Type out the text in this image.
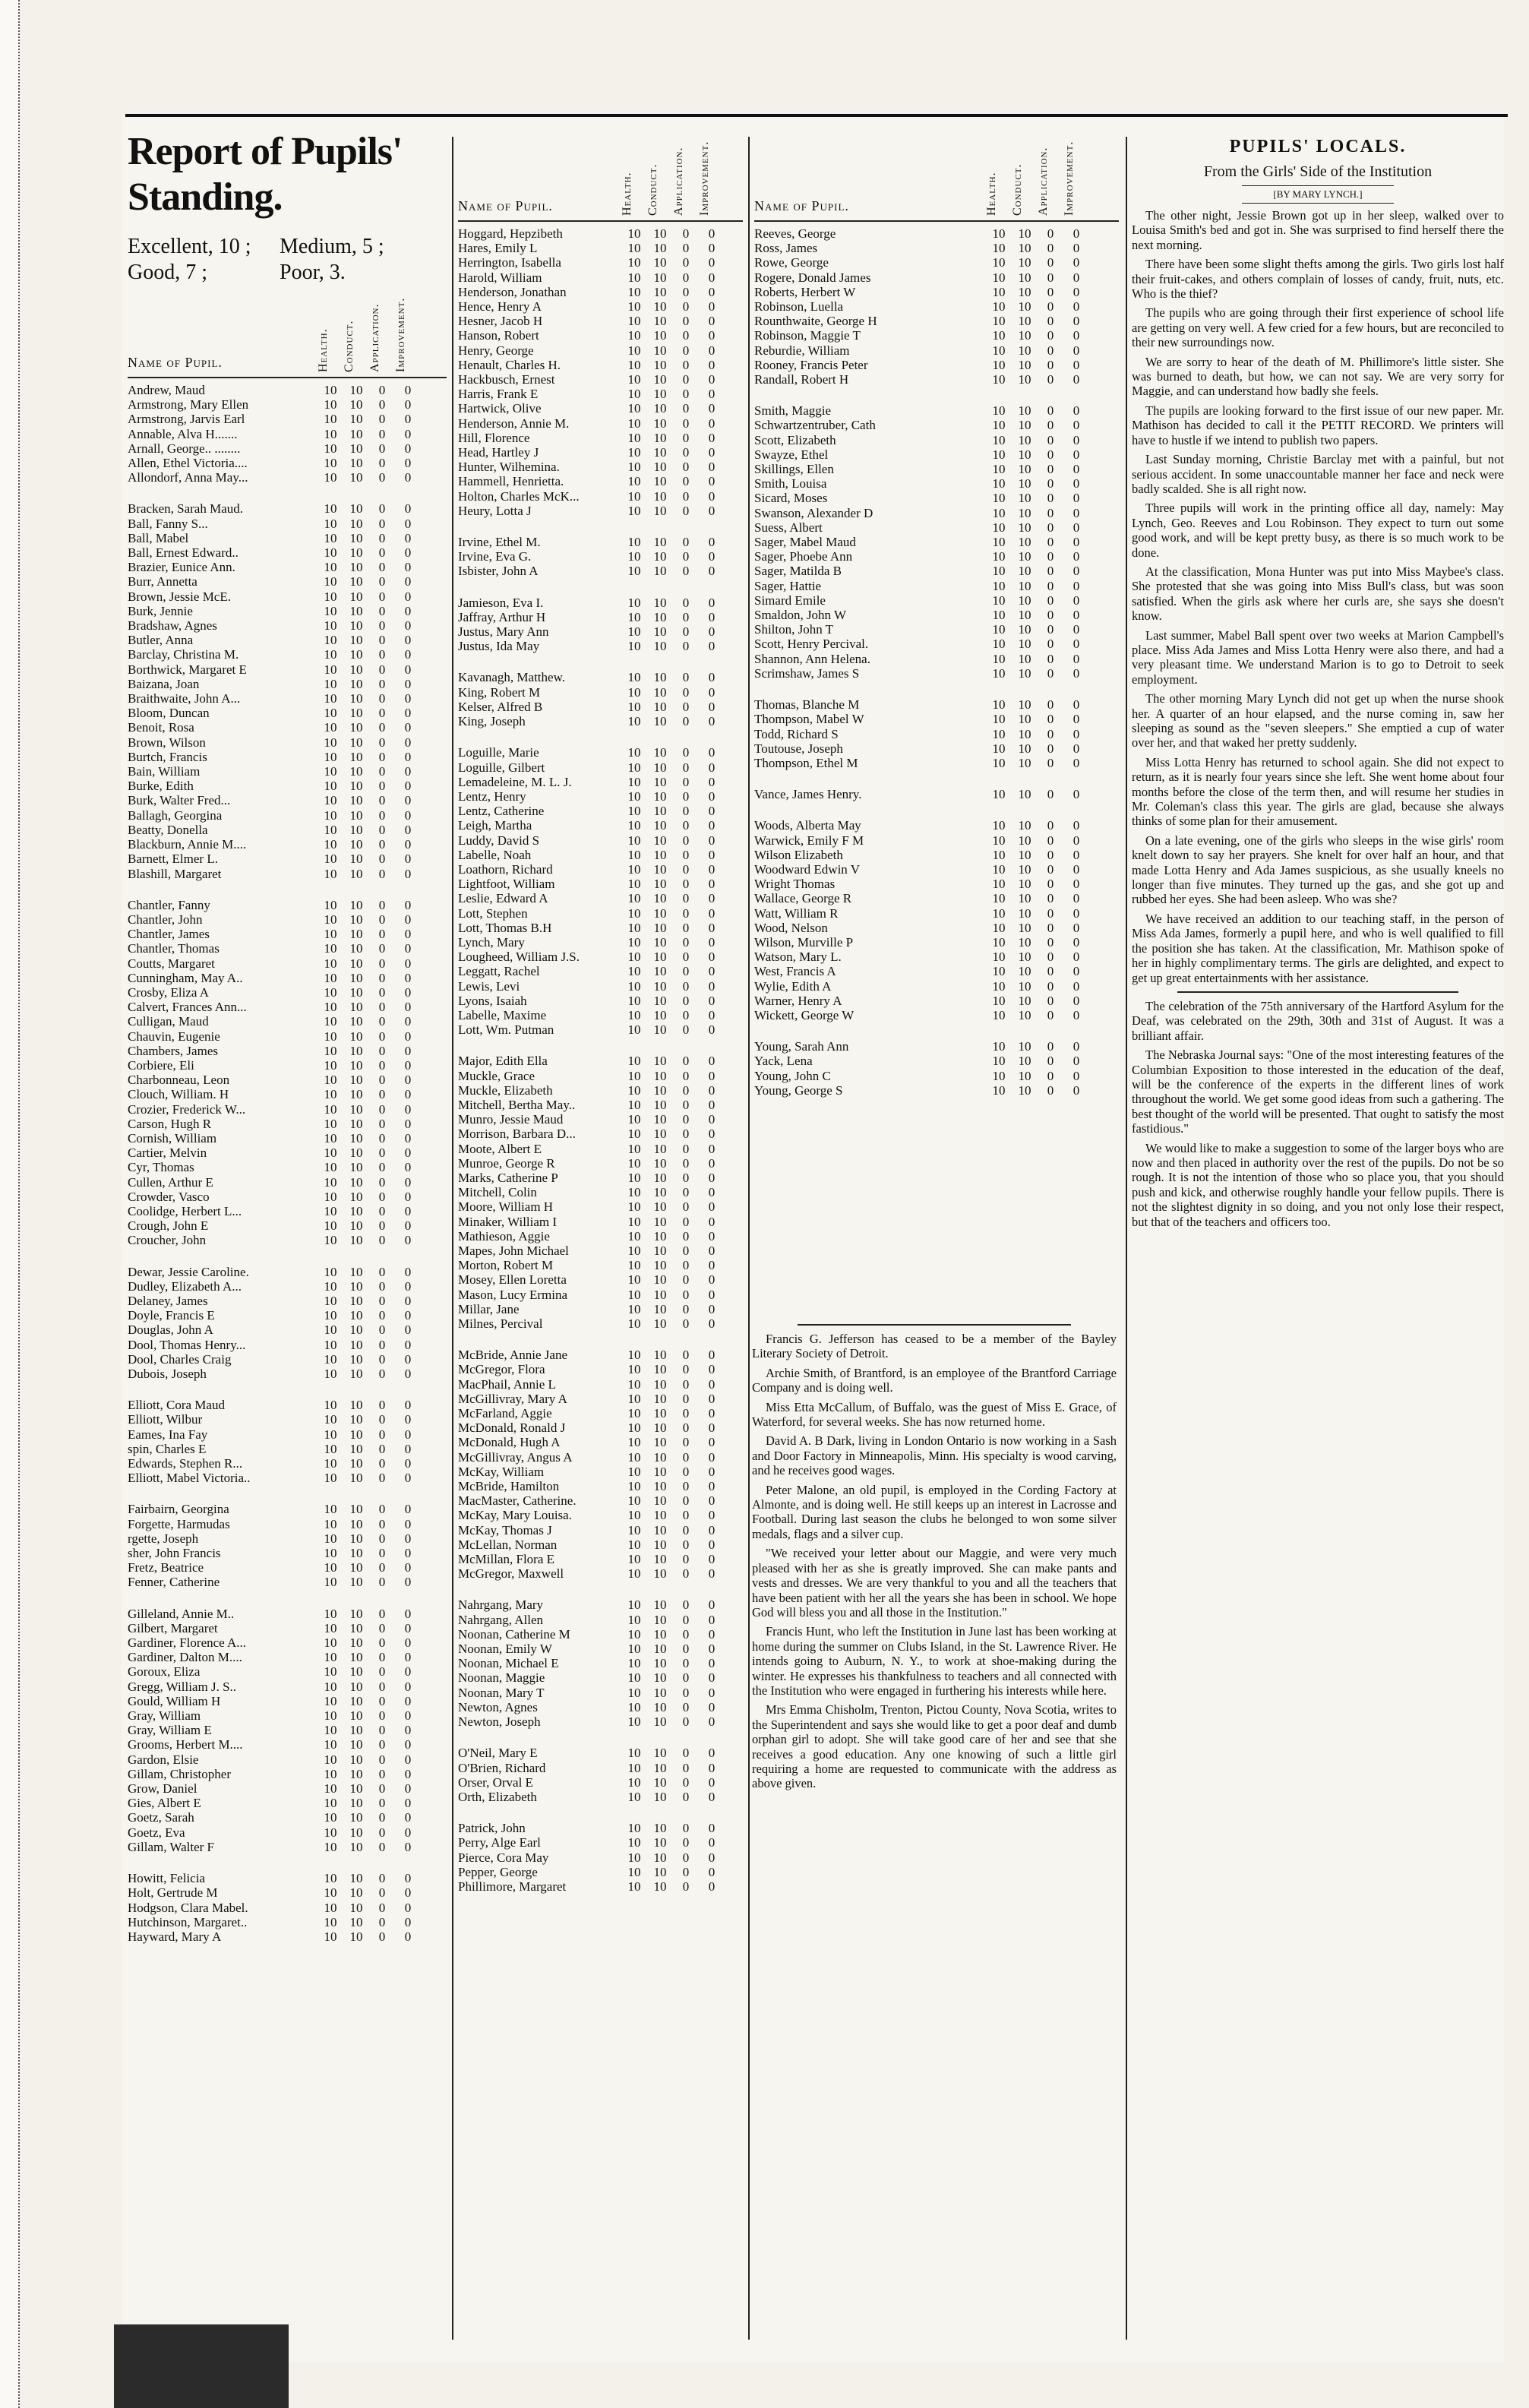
Report of Pupils' Standing.
Excellent, 10 ; Medium, 5 ;
Good, 7 ;	Poor, 3.
Name of Pupil.	Health. Conduct. Application. Improvement.
Andrew, Maud	10	10	0	0
Armstrong, Mary Ellen	10	10	0	0
Armstrong, Jarvis Earl	10	10	0	0
Annable, Alva H.......	10	10	0	0
Arnall, George.. ........	10	10	0	0
Allen, Ethel Victoria....	10	10	0	0
Allondorf, Anna May...	10	10	0	0
Bracken, Sarah Maud.	10	10	0	0
Ball, Fanny S...	10	10	0	0
Ball, Mabel	10	10	0	0
Ball, Ernest Edward..	10	10	0	0
Brazier, Eunice Ann.	10	10	0	0
Burr, Annetta	10	10	0	0
Brown, Jessie McE.	10	10	0	0
Burk, Jennie	10	10	0	0
Bradshaw, Agnes	10	10	0	0
Butler, Anna	10	10	0	0
Barclay, Christina M.	10	10	0	0
Borthwick, Margaret E	10	10	0	0
Baizana, Joan	10	10	0	0
Braithwaite, John A...	10	10	0	0
Bloom, Duncan	10	10	0	0
Benoit, Rosa	10	10	0	0
Brown, Wilson	10	10	0	0
Burtch, Francis	10	10	0	0
Bain, William	10	10	0	0
Burke, Edith	10	10	0	0
Burk, Walter Fred...	10	10	0	0
Ballagh, Georgina	10	10	0	0
Beatty, Donella	10	10	0	0
Blackburn, Annie M....	10	10	0	0
Barnett, Elmer L.	10	10	0	0
Blashill, Margaret	10	10	0	0
Chantler, Fanny	10	10	0	0
Chantler, John	10	10	0	0
Chantler, James	10	10	0	0
Chantler, Thomas	10	10	0	0
Coutts, Margaret	10	10	0	0
Cunningham, May A..	10	10	0	0
Crosby, Eliza A	10	10	0	0
Calvert, Frances Ann...	10	10	0	0
Culligan, Maud	10	10	0	0
Chauvin, Eugenie	10	10	0	0
Chambers, James	10	10	0	0
Corbiere, Eli	10	10	0	0
Charbonneau, Leon	10	10	0	0
Clouch, William. H	10	10	0	0
Crozier, Frederick W...	10	10	0	0
Carson, Hugh R	10	10	0	0
Cornish, William	10	10	0	0
Cartier, Melvin	10	10	0	0
Cyr, Thomas	10	10	0	0
Cullen, Arthur E	10	10	0	0
Crowder, Vasco	10	10	0	0
Coolidge, Herbert L...	10	10	0	0
Crough, John E	10	10	0	0
Croucher, John	10	10	0	0
Dewar, Jessie Caroline.	10	10	0	0
Dudley, Elizabeth A...	10	10	0	0
Delaney, James	10	10	0	0
Doyle, Francis E	10	10	0	0
Douglas, John A	10	10	0	0
Dool, Thomas Henry...	10	10	0	0
Dool, Charles Craig	10	10	0	0
Dubois, Joseph	10	10	0	0
Elliott, Cora Maud	10	10	0	0
Elliott, Wilbur	10	10	0	0
Eames, Ina Fay	10	10	0	0
spin, Charles E	10	10	0	0
Edwards, Stephen R...	10	10	0	0
Elliott, Mabel Victoria..	10	10	0	0
Fairbairn, Georgina	10	10	0	0
Forgette, Harmudas	10	10	0	0
rgette, Joseph	10	10	0	0
sher, John Francis	10	10	0	0
Fretz, Beatrice	10	10	0	0
Fenner, Catherine	10	10	0	0
Gilleland, Annie M..	10	10	0	0
Gilbert, Margaret	10	10	0	0
Gardiner, Florence A...	10	10	0	0
Gardiner, Dalton M....	10	10	0	0
Goroux, Eliza	10	10	0	0
Gregg, William J. S..	10	10	0	0
Gould, William H	10	10	0	0
Gray, William	10	10	0	0
Gray, William E	10	10	0	0
Grooms, Herbert M....	10	10	0	0
Gardon, Elsie	10	10	0	0
Gillam, Christopher	10	10	0	0
Grow, Daniel	10	10	0	0
Gies, Albert E	10	10	0	0
Goetz, Sarah	10	10	0	0
Goetz, Eva	10	10	0	0
Gillam, Walter F	10	10	0	0
Howitt, Felicia	10	10	0	0
Holt, Gertrude M	10	10	0	0
Hodgson, Clara Mabel.	10	10	0	0
Hutchinson, Margaret..	10	10	0	0
Hayward, Mary A	10	10	0	0
Name of Pupil.	Health. Conduct. Application. Improvement.
Hoggard, Hepzibeth	10	10	0	0
Hares, Emily L	10	10	0	0
Herrington, Isabella	10	10	0	0
Harold, William	10	10	0	0
Henderson, Jonathan	10	10	0	0
Hence, Henry A	10	10	0	0
Hesner, Jacob H	10	10	0	0
Hanson, Robert	10	10	0	0
Henry, George	10	10	0	0
Henault, Charles H.	10	10	0	0
Hackbusch, Ernest	10	10	0	0
Harris, Frank E	10	10	0	0
Hartwick, Olive	10	10	0	0
Henderson, Annie M.	10	10	0	0
Hill, Florence	10	10	0	0
Head, Hartley J	10	10	0	0
Hunter, Wilhemina.	10	10	0	0
Hammell, Henrietta.	10	10	0	0
Holton, Charles McK...	10	10	0	0
Heury, Lotta J	10	10	0	0
Irvine, Ethel M.	10	10	0	0
Irvine, Eva G.	10	10	0	0
Isbister, John A	10	10	0	0
Jamieson, Eva I.	10	10	0	0
Jaffray, Arthur H	10	10	0	0
Justus, Mary Ann	10	10	0	0
Justus, Ida May	10	10	0	0
Kavanagh, Matthew.	10	10	0	0
King, Robert M	10	10	0	0
Kelser, Alfred B	10	10	0	0
King, Joseph	10	10	0	0
Loguille, Marie	10	10	0	0
Loguille, Gilbert	10	10	0	0
Lemadeleine, M. L. J.	10	10	0	0
Lentz, Henry	10	10	0	0
Lentz, Catherine	10	10	0	0
Leigh, Martha	10	10	0	0
Luddy, David S	10	10	0	0
Labelle, Noah	10	10	0	0
Loathorn, Richard	10	10	0	0
Lightfoot, William	10	10	0	0
Leslie, Edward A	10	10	0	0
Lott, Stephen	10	10	0	0
Lott, Thomas B.H	10	10	0	0
Lynch, Mary	10	10	0	0
Lougheed, William J.S.	10	10	0	0
Leggatt, Rachel	10	10	0	0
Lewis, Levi	10	10	0	0
Lyons, Isaiah	10	10	0	0
Labelle, Maxime	10	10	0	0
Lott, Wm. Putman	10	10	0	0
Major, Edith Ella	10	10	0	0
Muckle, Grace	10	10	0	0
Muckle, Elizabeth	10	10	0	0
Mitchell, Bertha May..	10	10	0	0
Munro, Jessie Maud	10	10	0	0
Morrison, Barbara D...	10	10	0	0
Moote, Albert E	10	10	0	0
Munroe, George R	10	10	0	0
Marks, Catherine P	10	10	0	0
Mitchell, Colin	10	10	0	0
Moore, William H	10	10	0	0
Minaker, William I	10	10	0	0
Mathieson, Aggie	10	10	0	0
Mapes, John Michael	10	10	0	0
Morton, Robert M	10	10	0	0
Mosey, Ellen Loretta	10	10	0	0
Mason, Lucy Ermina	10	10	0	0
Millar, Jane	10	10	0	0
Milnes, Percival	10	10	0	0
McBride, Annie Jane	10	10	0	0
McGregor, Flora	10	10	0	0
MacPhail, Annie L	10	10	0	0
McGillivray, Mary A	10	10	0	0
McFarland, Aggie	10	10	0	0
McDonald, Ronald J	10	10	0	0
McDonald, Hugh A	10	10	0	0
McGillivray, Angus A	10	10	0	0
McKay, William	10	10	0	0
McBride, Hamilton	10	10	0	0
MacMaster, Catherine.	10	10	0	0
McKay, Mary Louisa.	10	10	0	0
McKay, Thomas J	10	10	0	0
McLellan, Norman	10	10	0	0
McMillan, Flora E	10	10	0	0
McGregor, Maxwell	10	10	0	0
Nahrgang, Mary	10	10	0	0
Nahrgang, Allen	10	10	0	0
Noonan, Catherine M	10	10	0	0
Noonan, Emily W	10	10	0	0
Noonan, Michael E	10	10	0	0
Noonan, Maggie	10	10	0	0
Noonan, Mary T	10	10	0	0
Newton, Agnes	10	10	0	0
Newton, Joseph	10	10	0	0
O'Neil, Mary E	10	10	0	0
O'Brien, Richard	10	10	0	0
Orser, Orval E	10	10	0	0
Orth, Elizabeth	10	10	0	0
Patrick, John	10	10	0	0
Perry, Alge Earl	10	10	0	0
Pierce, Cora May	10	10	0	0
Pepper, George	10	10	0	0
Phillimore, Margaret	10	10	0	0
Name of Pupil.	Health. Conduct. Application. Improvement.
Reeves, George	10	10	0	0
Ross, James	10	10	0	0
Rowe, George	10	10	0	0
Rogere, Donald James	10	10	0	0
Roberts, Herbert W	10	10	0	0
Robinson, Luella	10	10	0	0
Rounthwaite, George H	10	10	0	0
Robinson, Maggie T	10	10	0	0
Reburdie, William	10	10	0	0
Rooney, Francis Peter	10	10	0	0
Randall, Robert H	10	10	0	0
Smith, Maggie	10	10	0	0
Schwartzentruber, Cath	10	10	0	0
Scott, Elizabeth	10	10	0	0
Swayze, Ethel	10	10	0	0
Skillings, Ellen	10	10	0	0
Smith, Louisa	10	10	0	0
Sicard, Moses	10	10	0	0
Swanson, Alexander D	10	10	0	0
Suess, Albert	10	10	0	0
Sager, Mabel Maud	10	10	0	0
Sager, Phoebe Ann	10	10	0	0
Sager, Matilda B	10	10	0	0
Sager, Hattie	10	10	0	0
Simard Emile	10	10	0	0
Smaldon, John W	10	10	0	0
Shilton, John T	10	10	0	0
Scott, Henry Percival.	10	10	0	0
Shannon, Ann Helena.	10	10	0	0
Scrimshaw, James S	10	10	0	0
Thomas, Blanche M	10	10	0	0
Thompson, Mabel W	10	10	0	0
Todd, Richard S	10	10	0	0
Toutouse, Joseph	10	10	0	0
Thompson, Ethel M	10	10	0	0
Vance, James Henry.	10	10	0	0
Woods, Alberta May	10	10	0	0
Warwick, Emily F M	10	10	0	0
Wilson Elizabeth	10	10	0	0
Woodward Edwin V	10	10	0	0
Wright Thomas	10	10	0	0
Wallace, George R	10	10	0	0
Watt, William R	10	10	0	0
Wood, Nelson	10	10	0	0
Wilson, Murville P	10	10	0	0
Watson, Mary L.	10	10	0	0
West, Francis A	10	10	0	0
Wylie, Edith A	10	10	0	0
Warner, Henry A	10	10	0	0
Wickett, George W	10	10	0	0
Young, Sarah Ann	10	10	0	0
Yack, Lena	10	10	0	0
Young, John C	10	10	0	0
Young, George S	10	10	0	0

Francis G. Jefferson has ceased to be a member of the Bayley Literary Society of Detroit.

Archie Smith, of Brantford, is an employee of the Brantford Carriage Company and is doing well.

Miss Etta McCallum, of Buffalo, was the guest of Miss E. Grace, of Waterford, for several weeks. She has now returned home.

David A. B Dark, living in London Ontario is now working in a Sash and Door Factory in Minneapolis, Minn. His specialty is wood carving, and he receives good wages.

Peter Malone, an old pupil, is employed in the Cording Factory at Almonte, and is doing well. He still keeps up an interest in Lacrosse and Football. During last season the clubs he belonged to won some silver medals, flags and a silver cup.

"We received your letter about our Maggie, and were very much pleased with her as she is greatly improved. She can make pants and vests and dresses. We are very thankful to you and all the teachers that have been patient with her all the years she has been in school. We hope God will bless you and all those in the Institution."

Francis Hunt, who left the Institution in June last has been working at home during the summer on Clubs Island, in the St. Lawrence River. He intends going to Auburn, N. Y., to work at shoe-making during the winter. He expresses his thankfulness to teachers and all connected with the Institution who were engaged in furthering his interests while here.

Mrs Emma Chisholm, Trenton, Pictou County, Nova Scotia, writes to the Superintendent and says she would like to get a poor deaf and dumb orphan girl to adopt. She will take good care of her and see that she receives a good education. Any one knowing of such a little girl requiring a home are requested to communicate with the address as above given.

PUPILS' LOCALS.
From the Girls' Side of the Institution
[BY MARY LYNCH.]

The other night, Jessie Brown got up in her sleep, walked over to Louisa Smith's bed and got in. She was surprised to find herself there the next morning.

There have been some slight thefts among the girls. Two girls lost half their fruit-cakes, and others complain of losses of candy, fruit, nuts, etc. Who is the thief?

The pupils who are going through their first experience of school life are getting on very well. A few cried for a few hours, but are reconciled to their new surroundings now.

We are sorry to hear of the death of M. Phillimore's little sister. She was burned to death, but how, we can not say. We are very sorry for Maggie, and can understand how badly she feels.

The pupils are looking forward to the first issue of our new paper. Mr. Mathison has decided to call it the PETIT RECORD. We printers will have to hustle if we intend to publish two papers.

Last Sunday morning, Christie Barclay met with a painful, but not serious accident. In some unaccountable manner her face and neck were badly scalded. She is all right now.

Three pupils will work in the printing office all day, namely: May Lynch, Geo. Reeves and Lou Robinson. They expect to turn out some good work, and will be kept pretty busy, as there is so much work to be done.

At the classification, Mona Hunter was put into Miss Maybee's class. She protested that she was going into Miss Bull's class, but was soon satisfied. When the girls ask where her curls are, she says she doesn't know.

Last summer, Mabel Ball spent over two weeks at Marion Campbell's place. Miss Ada James and Miss Lotta Henry were also there, and had a very pleasant time. We understand Marion is to go to Detroit to seek employment.

The other morning Mary Lynch did not get up when the nurse shook her. A quarter of an hour elapsed, and the nurse coming in, saw her sleeping as sound as the "seven sleepers." She emptied a cup of water over her, and that waked her pretty suddenly.

Miss Lotta Henry has returned to school again. She did not expect to return, as it is nearly four years since she left. She went home about four months before the close of the term then, and will resume her studies in Mr. Coleman's class this year. The girls are glad, because she always thinks of some plan for their amusement.

On a late evening, one of the girls who sleeps in the wise girls' room knelt down to say her prayers. She knelt for over half an hour, and that made Lotta Henry and Ada James suspicious, as she usually kneels no longer than five minutes. They turned up the gas, and she got up and rubbed her eyes. She had been asleep. Who was she?

We have received an addition to our teaching staff, in the person of Miss Ada James, formerly a pupil here, and who is well qualified to fill the position she has taken. At the classification, Mr. Mathison spoke of her in highly complimentary terms. The girls are delighted, and expect to get up great entertainments with her assistance.

The celebration of the 75th anniversary of the Hartford Asylum for the Deaf, was celebrated on the 29th, 30th and 31st of August. It was a brilliant affair.

The Nebraska Journal says: "One of the most interesting features of the Columbian Exposition to those interested in the education of the deaf, will be the conference of the experts in the different lines of work throughout the world. We get some good ideas from such a gathering. The best thought of the world will be presented. That ought to satisfy the most fastidious."

We would like to make a suggestion to some of the larger boys who are now and then placed in authority over the rest of the pupils. Do not be so rough. It is not the intention of those who so place you, that you should push and kick, and otherwise roughly handle your fellow pupils. There is not the slightest dignity in so doing, and you not only lose their respect, but that of the teachers and officers too.
